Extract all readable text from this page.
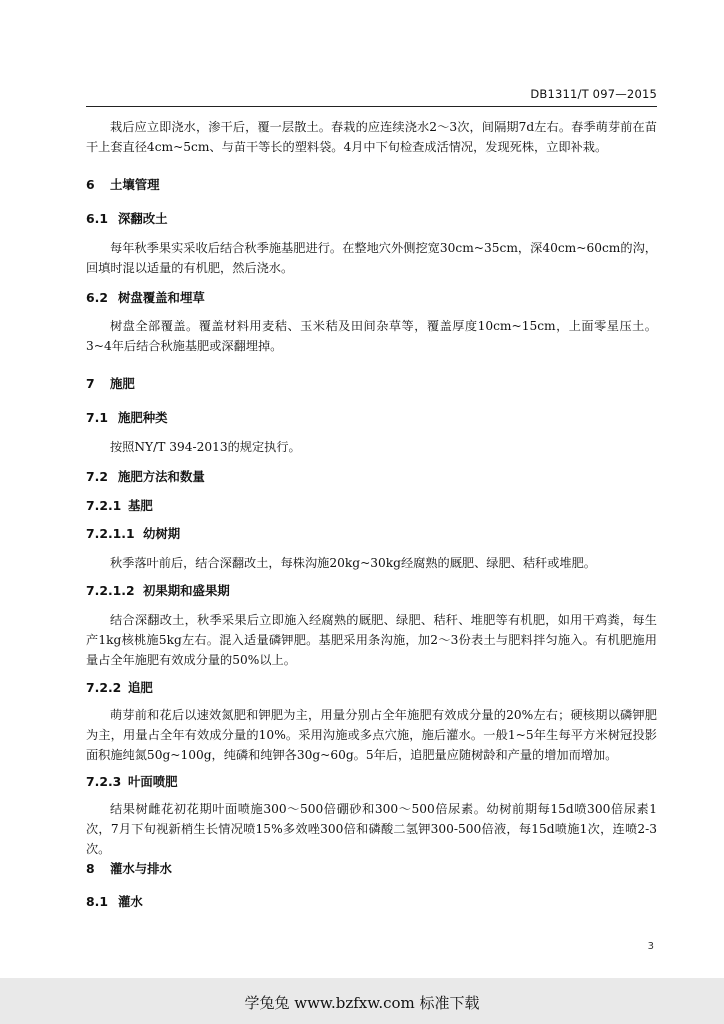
DB1311/T 097—2015

栽后应立即浇水，渗干后，覆一层散土。春栽的应连续浇水2～3次，间隔期7d左右。春季萌芽前在苗干上套直径4cm~5cm、与苗干等长的塑料袋。4月中下旬检查成活情况，发现死株，立即补栽。

6 土壤管理

6.1 深翻改土

每年秋季果实采收后结合秋季施基肥进行。在整地穴外侧挖宽30cm~35cm，深40cm~60cm的沟，回填时混以适量的有机肥，然后浇水。

6.2 树盘覆盖和埋草

树盘全部覆盖。覆盖材料用麦秸、玉米秸及田间杂草等，覆盖厚度10cm~15cm，上面零星压土。3~4年后结合秋施基肥或深翻埋掉。

7 施肥

7.1 施肥种类

按照NY/T 394-2013的规定执行。

7.2 施肥方法和数量

7.2.1 基肥

7.2.1.1 幼树期

秋季落叶前后，结合深翻改土，每株沟施20kg~30kg经腐熟的厩肥、绿肥、秸秆或堆肥。

7.2.1.2 初果期和盛果期

结合深翻改土，秋季采果后立即施入经腐熟的厩肥、绿肥、秸秆、堆肥等有机肥，如用干鸡粪，每生产1kg核桃施5kg左右。混入适量磷钾肥。基肥采用条沟施，加2～3份表土与肥料拌匀施入。有机肥施用量占全年施肥有效成分量的50%以上。

7.2.2 追肥

萌芽前和花后以速效氮肥和钾肥为主，用量分别占全年施肥有效成分量的20%左右；硬核期以磷钾肥为主，用量占全年有效成分量的10%。采用沟施或多点穴施，施后灌水。一般1~5年生每平方米树冠投影面积施纯氮50g~100g，纯磷和纯钾各30g~60g。5年后，追肥量应随树龄和产量的增加而增加。

7.2.3 叶面喷肥

结果树雌花初花期叶面喷施300～500倍硼砂和300～500倍尿素。幼树前期每15d喷300倍尿素1次，7月下旬视新梢生长情况喷15%多效唑300倍和磷酸二氢钾300-500倍液，每15d喷施1次，连喷2-3次。

8 灌水与排水

8.1 灌水

3
学兔兔 www.bzfxw.com 标准下载
